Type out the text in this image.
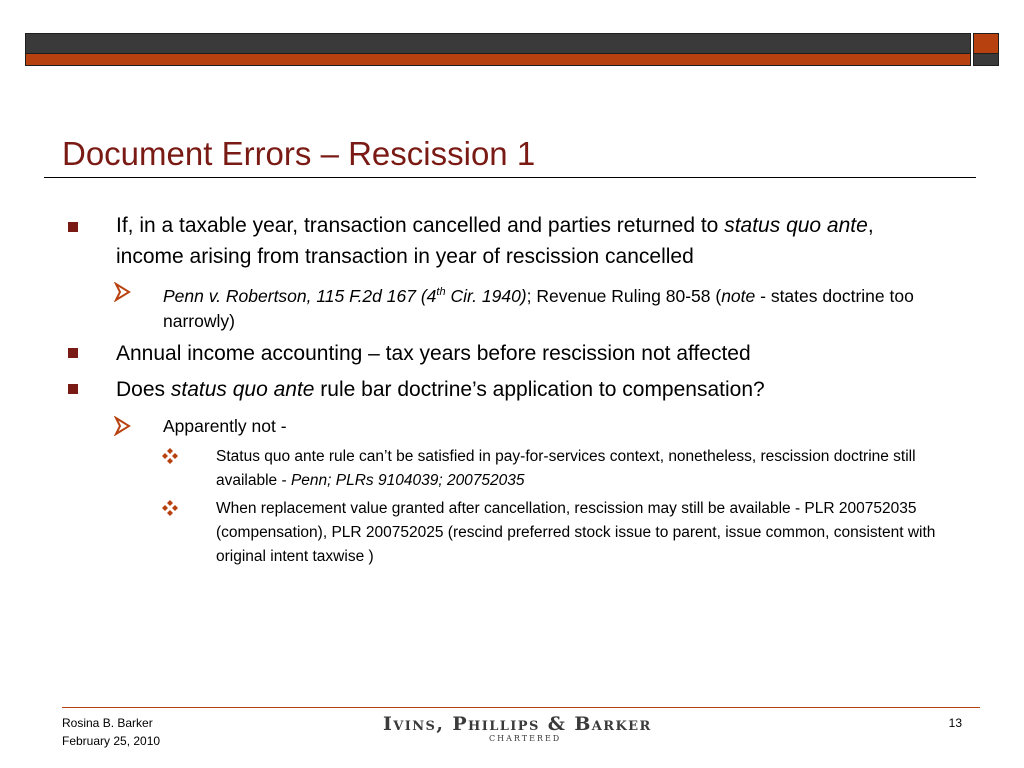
Document Errors – Rescission 1
If, in a taxable year, transaction cancelled and parties returned to status quo ante, income arising from transaction in year of rescission cancelled
Penn v. Robertson, 115 F.2d 167 (4th Cir. 1940); Revenue Ruling 80-58 (note - states doctrine too narrowly)
Annual income accounting – tax years before rescission not affected
Does status quo ante rule bar doctrine’s application to compensation?
Apparently not -
Status quo ante rule can’t be satisfied in pay-for-services context, nonetheless, rescission doctrine still available - Penn; PLRs 9104039; 200752035
When replacement value granted after cancellation, rescission may still be available - PLR 200752035 (compensation), PLR 200752025 (rescind preferred stock issue to parent, issue common, consistent with original intent taxwise )
Rosina B. Barker
February 25, 2010
Ivins, Phillips & Barker
CHARTERED
13
